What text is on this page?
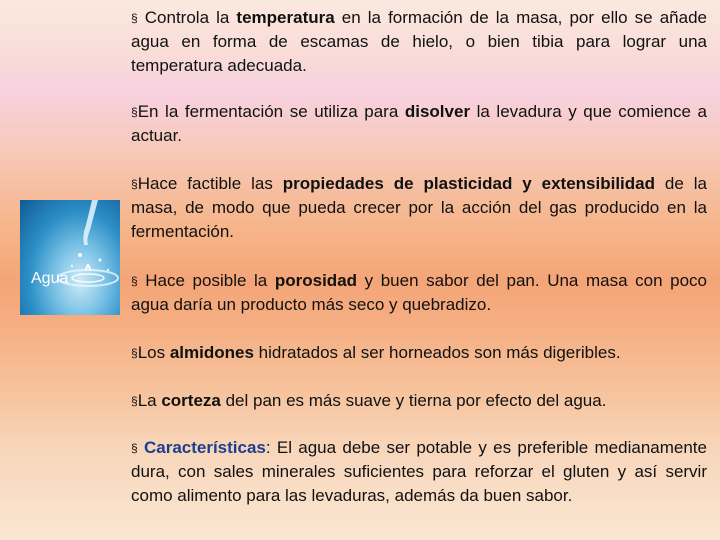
Agua

§ Controla la temperatura en la formación de la masa, por ello se añade agua en forma de escamas de hielo, o bien tibia para lograr una temperatura adecuada.

§En la fermentación se utiliza para disolver la levadura y que comience a actuar.

§Hace factible las propiedades de plasticidad y extensibilidad de la masa, de modo que pueda crecer por la acción del gas producido en la fermentación.

§ Hace posible la porosidad y buen sabor del pan. Una masa con poco agua daría un producto más seco y quebradizo.

§Los almidones hidratados al ser horneados son más digeribles.

§La corteza del pan es más suave y tierna por efecto del agua.

§ Características: El agua debe ser potable y es preferible medianamente dura, con sales minerales suficientes para reforzar el gluten y así servir como alimento para las levaduras, además da buen sabor.
